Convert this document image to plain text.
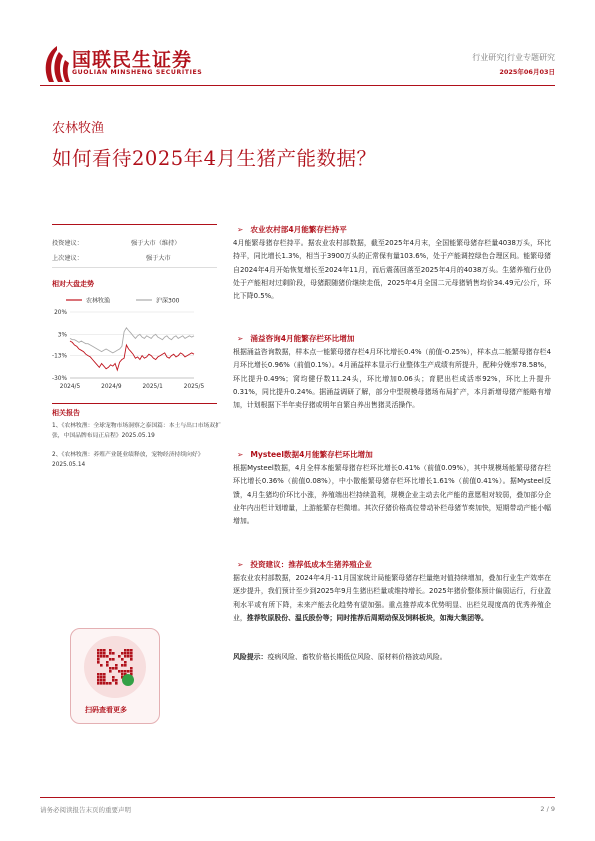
国联民生证券
GUOLIAN MINSHENG SECURITIES
行业研究|行业专题研究
2025年06月03日
农林牧渔
如何看待2025年4月生猪产能数据？
投资建议：	强于大市（维持）
上次建议：	强于大市
相对大盘走势
农林牧渔	沪深300
20%
3%
-13%
-30%
2024/5	2024/9	2025/1	2025/5
相关报告
1、《农林牧渔：全球宠物市场洞察之泰国篇：本土与出口市场双扩张，中国品牌布局正启程》2025.05.19
2、《农林牧渔：养殖产业链业绩释放，宠物经济持续向好》2025.05.14
扫码查看更多
➢ 农业农村部4月能繁存栏持平
4月能繁母猪存栏持平。据农业农村部数据，截至2025年4月末，全国能繁母猪存栏量4038万头，环比持平，同比增长1.3%，相当于3900万头的正常保有量103.6%，处于产能调控绿色合理区间。能繁母猪自2024年4月开始恢复增长至2024年11月，而后震荡回落至2025年4月的4038万头。生猪养殖行业仍处于产能相对过剩阶段，母猪跟随猪价继续走低，2025年4月全国二元母猪销售均价34.49元/公斤，环比下降0.5%。
➢ 涌益咨询4月能繁存栏环比增加
根据涌益咨询数据，样本点一能繁母猪存栏4月环比增长0.4%（前值-0.25%），样本点二能繁母猪存栏4月环比增长0.96%（前值0.1%）。4月涌益样本显示行业整体生产成绩有所提升，配种分娩率78.58%，环比提升0.49%；窝均健仔数11.24头，环比增加0.06头；育肥出栏成活率92%，环比上升提升0.31%，同比提升0.24%。据涌益调研了解，部分中型规模母猪场布局扩产，本月新增母猪产能略有增加，计划根据下半年卖仔猪或明年自繁自养出售猪灵活操作。
➢ Mysteel数据4月能繁存栏环比增加
根据Mysteel数据，4月全样本能繁母猪存栏环比增长0.41%（前值0.09%），其中规模场能繁母猪存栏环比增长0.36%（前值0.08%），中小散能繁母猪存栏环比增长1.61%（前值0.41%）。据Mysteel反馈，4月生猪均价环比小涨，养殖端出栏持续盈利，规模企业主动去化产能的意愿相对较弱，叠加部分企业年内出栏计划增量，上游能繁存栏微增。其次仔猪价格高位带动补栏母猪节奏加快，短期带动产能小幅增加。
➢ 投资建议：推荐低成本生猪养殖企业
据农业农村部数据，2024年4月-11月国家统计局能繁母猪存栏量绝对值持续增加，叠加行业生产效率在逐步提升，我们预计至少到2025年9月生猪出栏量或维持增长。2025年猪价整体预计偏弱运行，行业盈利水平或有所下降，未来产能去化趋势有望加强。重点推荐成本优势明显、出栏兑现度高的优秀养殖企业，推荐牧原股份、温氏股份等；同时推荐后周期动保及饲料板块，如海大集团等。
风险提示：疫病风险、畜牧价格长期低位风险、原材料价格波动风险。
请务必阅读报告末页的重要声明	2 / 9
